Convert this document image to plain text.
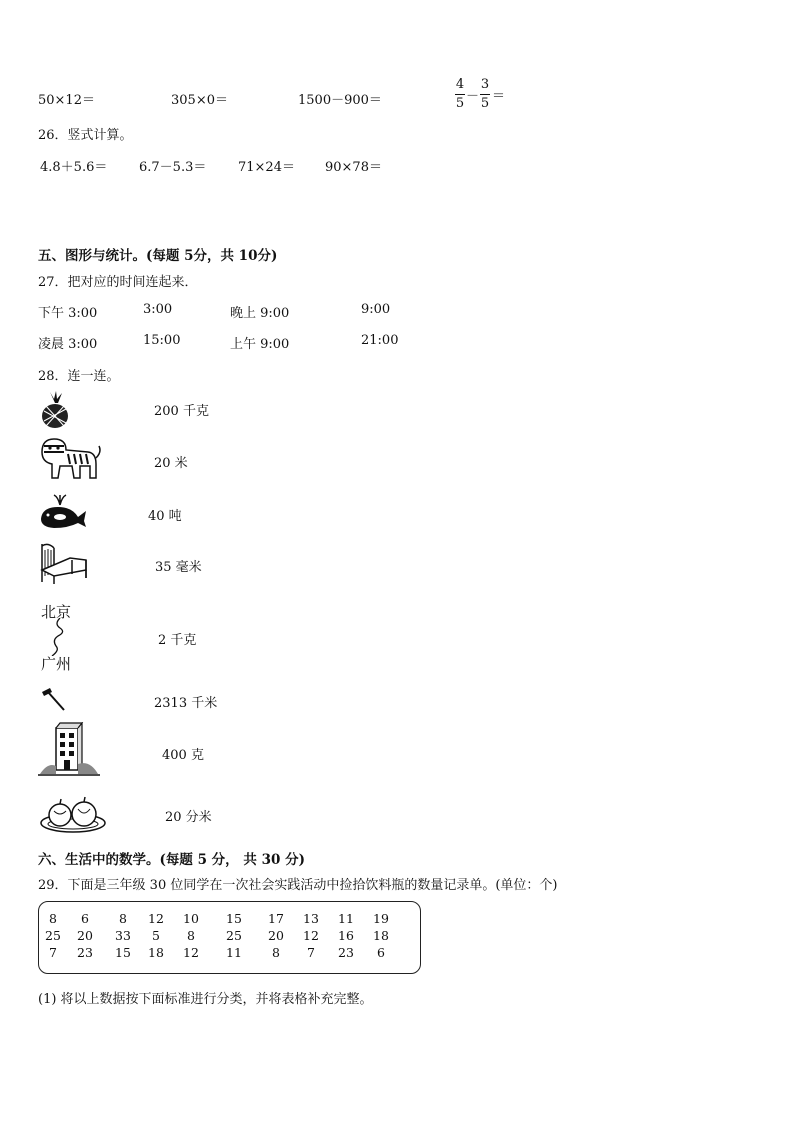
50×12＝	305×0＝	1500－900＝
4
5 －
3
5 ＝
26．竖式计算。
4.8＋5.6＝ 6.7－5.3＝ 71×24＝ 90×78＝
五、图形与统计。(每题 5分，共 10分)
27．把对应的时间连起来．
下午 3:00	3:00	晚上 9:00	9:00
凌晨 3:00	15:00	上午 9:00	21:00
28．连一连。
200 千克
20 米
40 吨
35 毫米
北京
广州
2 千克
2313 千米
400 克
20 分米
六、生活中的数学。(每题 5 分， 共 30 分)
29．下面是三年级 30 位同学在一次社会实践活动中捡拾饮料瓶的数量记录单。(单位：个)
8	6	8	12	10	15	17	13	11	19
25	20	33	5	8	25	20	12	16	18
7	23	15	18	12	11	8	7	23	6
(1) 将以上数据按下面标准进行分类，并将表格补充完整。
